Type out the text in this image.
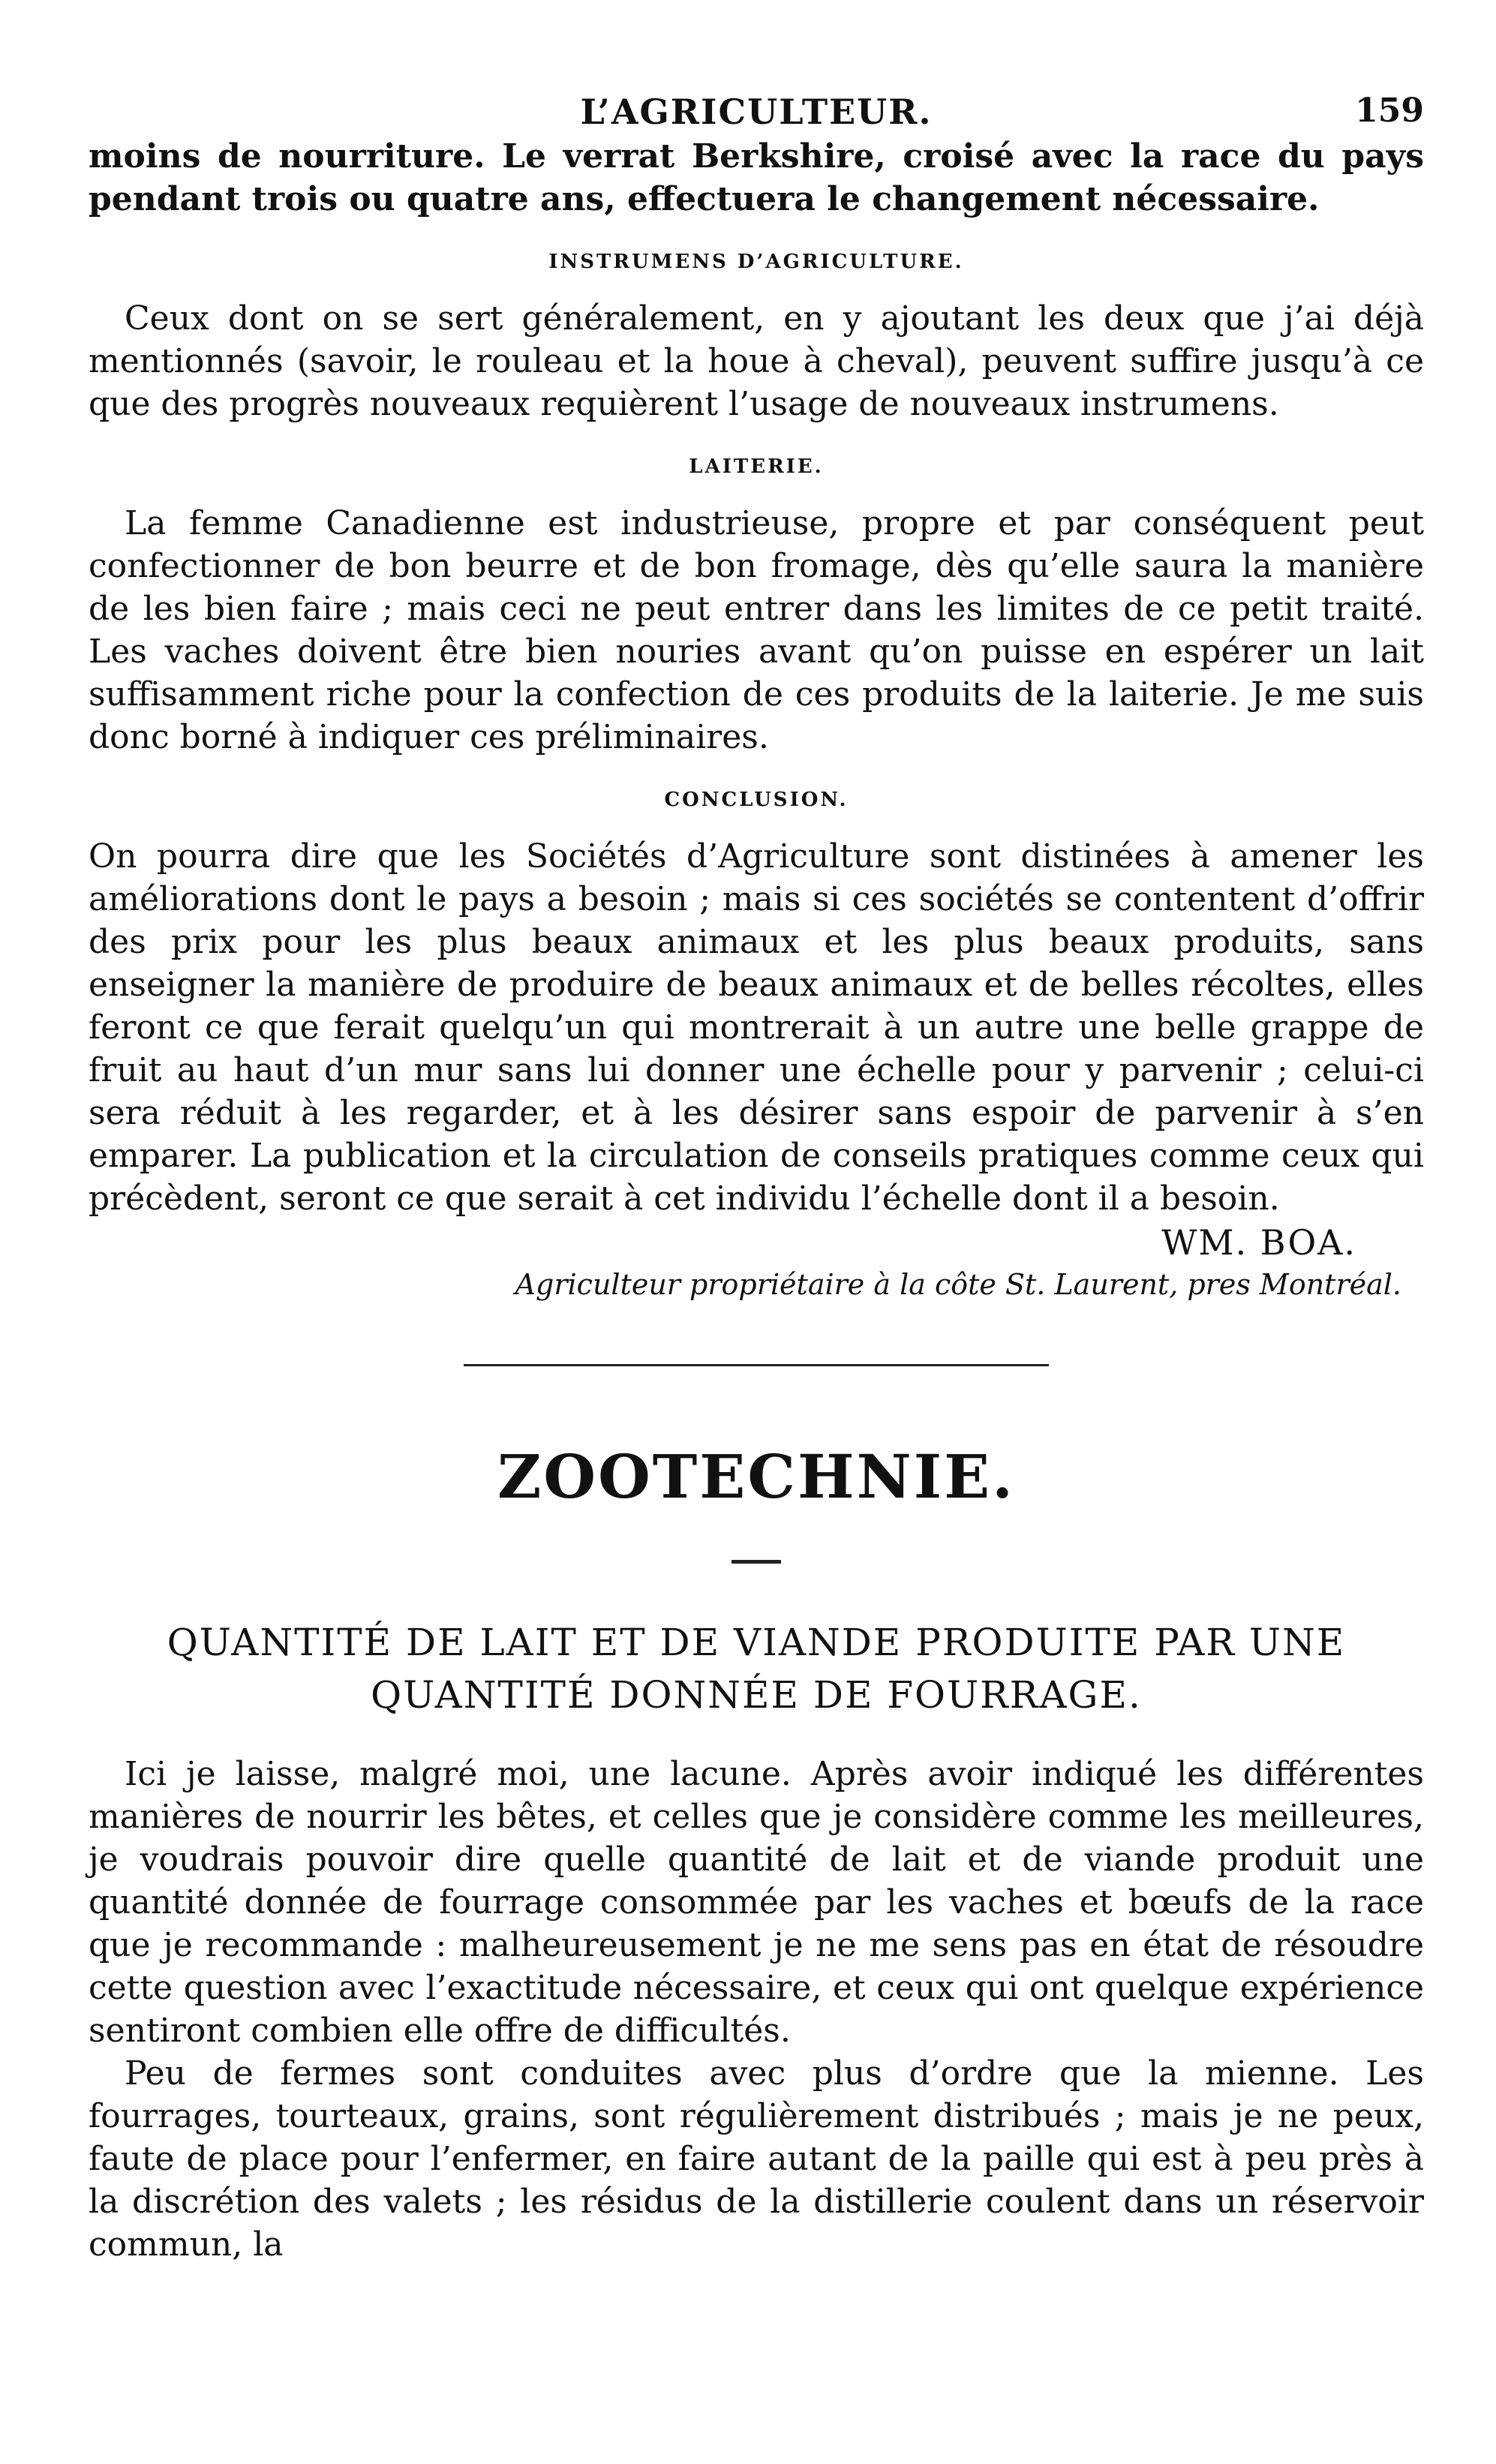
L’AGRICULTEUR.	159

moins de nourriture. Le verrat Berkshire, croisé avec la race du pays pendant trois ou quatre ans, effectuera le changement nécessaire.

INSTRUMENS D’AGRICULTURE.

Ceux dont on se sert généralement, en y ajoutant les deux que j’ai déjà mentionnés (savoir, le rouleau et la houe à cheval), peuvent suffire jusqu’à ce que des progrès nouveaux requièrent l’usage de nouveaux instrumens.

LAITERIE.

La femme Canadienne est industrieuse, propre et par conséquent peut confectionner de bon beurre et de bon fromage, dès qu’elle saura la manière de les bien faire ; mais ceci ne peut entrer dans les limites de ce petit traité. Les vaches doivent être bien nouries avant qu’on puisse en espérer un lait suffisamment riche pour la confection de ces produits de la laiterie. Je me suis donc borné à indiquer ces préliminaires.

CONCLUSION.

On pourra dire que les Sociétés d’Agriculture sont distinées à amener les améliorations dont le pays a besoin ; mais si ces sociétés se contentent d’offrir des prix pour les plus beaux animaux et les plus beaux produits, sans enseigner la manière de produire de beaux animaux et de belles récoltes, elles feront ce que ferait quelqu’un qui montrerait à un autre une belle grappe de fruit au haut d’un mur sans lui donner une échelle pour y parvenir ; celui-ci sera réduit à les regarder, et à les désirer sans espoir de parvenir à s’en emparer. La publication et la circulation de conseils pratiques comme ceux qui précèdent, seront ce que serait à cet individu l’échelle dont il a besoin.

WM. BOA.
Agriculteur propriétaire à la côte St. Laurent, pres Montréal.
ZOOTECHNIE.
QUANTITÉ DE LAIT ET DE VIANDE PRODUITE PAR UNE
QUANTITÉ DONNÉE DE FOURRAGE.

Ici je laisse, malgré moi, une lacune. Après avoir indiqué les différentes manières de nourrir les bêtes, et celles que je considère comme les meilleures, je voudrais pouvoir dire quelle quantité de lait et de viande produit une quantité donnée de fourrage consommée par les vaches et bœufs de la race que je recommande : malheureusement je ne me sens pas en état de résoudre cette question avec l’exactitude nécessaire, et ceux qui ont quelque expérience sentiront combien elle offre de difficultés.

Peu de fermes sont conduites avec plus d’ordre que la mienne. Les fourrages, tourteaux, grains, sont régulièrement distribués ; mais je ne peux, faute de place pour l’enfermer, en faire autant de la paille qui est à peu près à la discrétion des valets ; les résidus de la distillerie coulent dans un réservoir commun, la
